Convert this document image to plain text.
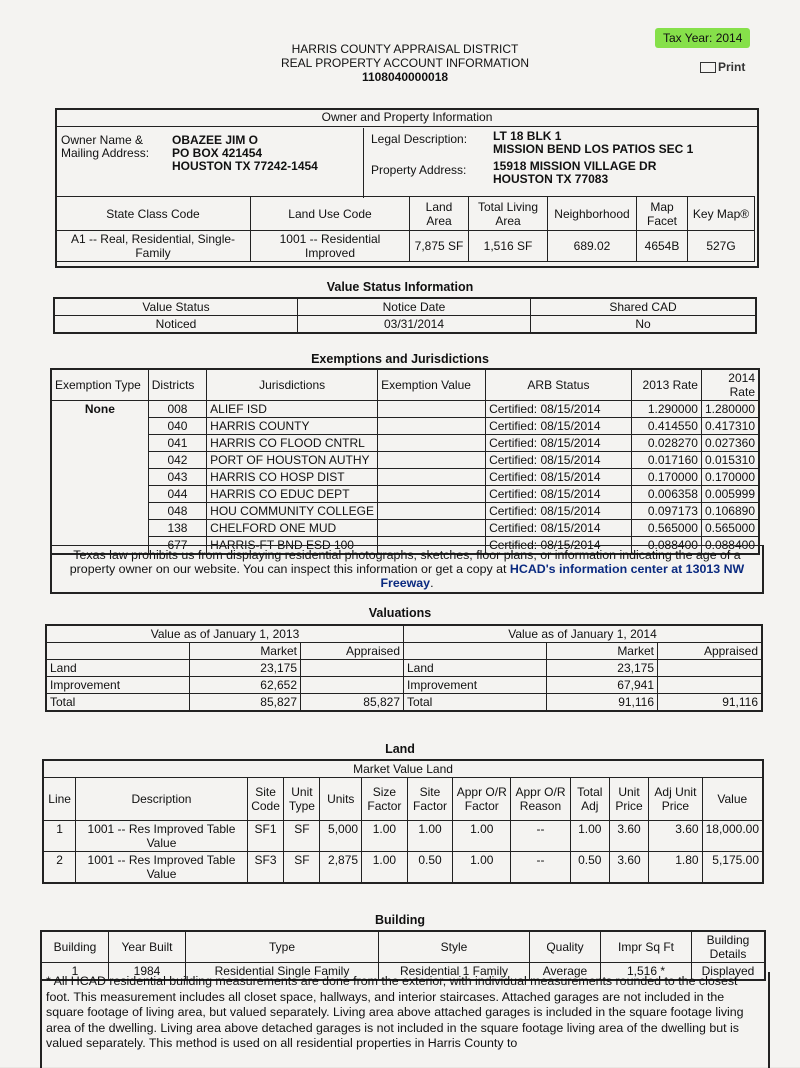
Tax Year: 2014
Print
HARRIS COUNTY APPRAISAL DISTRICT
REAL PROPERTY ACCOUNT INFORMATION
1108040000018
Owner and Property Information
Owner Name & Mailing Address:
OBAZEE JIM O
PO BOX 421454
HOUSTON TX 77242-1454
Legal Description: LT 18 BLK 1
MISSION BEND LOS PATIOS SEC 1
Property Address: 15918 MISSION VILLAGE DR
HOUSTON TX 77083
State Class Code	Land Use Code	Land Area	Total Living Area	Neighborhood	Map Facet	Key Map®
A1 -- Real, Residential, Single-Family	1001 -- Residential Improved	7,875 SF	1,516 SF	689.02	4654B	527G
Value Status Information
Value Status	Notice Date	Shared CAD
Noticed	03/31/2014	No
Exemptions and Jurisdictions
Exemption Type	Districts	Jurisdictions	Exemption Value	ARB Status	2013 Rate	2014 Rate
None	008	ALIEF ISD		Certified: 08/15/2014	1.290000	1.280000
	040	HARRIS COUNTY		Certified: 08/15/2014	0.414550	0.417310
	041	HARRIS CO FLOOD CNTRL		Certified: 08/15/2014	0.028270	0.027360
	042	PORT OF HOUSTON AUTHY		Certified: 08/15/2014	0.017160	0.015310
	043	HARRIS CO HOSP DIST		Certified: 08/15/2014	0.170000	0.170000
	044	HARRIS CO EDUC DEPT		Certified: 08/15/2014	0.006358	0.005999
	048	HOU COMMUNITY COLLEGE		Certified: 08/15/2014	0.097173	0.106890
	138	CHELFORD ONE MUD		Certified: 08/15/2014	0.565000	0.565000
	677	HARRIS-FT BND ESD 100		Certified: 08/15/2014	0.088400	0.088400
Texas law prohibits us from displaying residential photographs, sketches, floor plans, or information indicating the age of a property owner on our website. You can inspect this information or get a copy at HCAD's information center at 13013 NW Freeway.
Valuations
Value as of January 1, 2013			Value as of January 1, 2014		
	Market	Appraised		Market	Appraised
Land	23,175		Land	23,175	
Improvement	62,652		Improvement	67,941	
Total	85,827	85,827	Total	91,116	91,116
Land
Market Value Land												
Line	Description	Site Code	Unit Type	Units	Size Factor	Site Factor	Appr O/R Factor	Appr O/R Reason	Total Adj	Unit Price	Adj Unit Price	Value
1	1001 -- Res Improved Table Value	SF1	SF	5,000	1.00	1.00	1.00	--	1.00	3.60	3.60	18,000.00
2	1001 -- Res Improved Table Value	SF3	SF	2,875	1.00	0.50	1.00	--	0.50	3.60	1.80	5,175.00
Building
Building	Year Built	Type	Style	Quality	Impr Sq Ft	Building Details
1	1984	Residential Single Family	Residential 1 Family	Average	1,516 *	Displayed
* All HCAD residential building measurements are done from the exterior, with individual measurements rounded to the closest foot. This measurement includes all closet space, hallways, and interior staircases. Attached garages are not included in the square footage of living area, but valued separately. Living area above attached garages is included in the square footage living area of the dwelling. Living area above detached garages is not included in the square footage living area of the dwelling but is valued separately. This method is used on all residential properties in Harris County to
